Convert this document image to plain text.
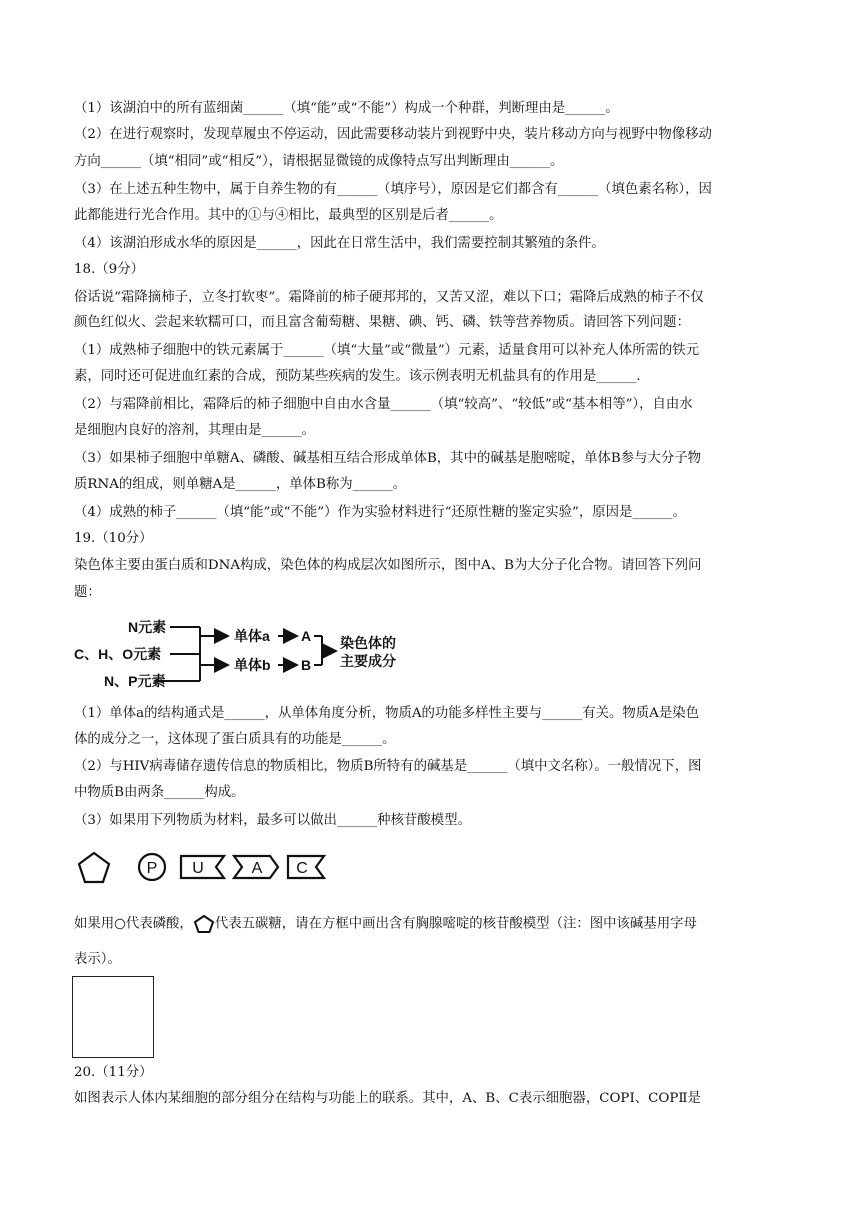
（1）该湖泊中的所有蓝细菌______（填“能”或“不能”）构成一个种群，判断理由是______。
（2）在进行观察时，发现草履虫不停运动，因此需要移动装片到视野中央，装片移动方向与视野中物像移动
方向______（填“相同”或“相反”），请根据显微镜的成像特点写出判断理由______。
（3）在上述五种生物中，属于自养生物的有______（填序号），原因是它们都含有______（填色素名称），因
此都能进行光合作用。其中的①与④相比，最典型的区别是后者______。
（4）该湖泊形成水华的原因是______，因此在日常生活中，我们需要控制其繁殖的条件。
18.（9分）
俗话说“霜降摘柿子，立冬打软枣”。霜降前的柿子硬邦邦的，又苦又涩，难以下口；霜降后成熟的柿子不仅
颜色红似火、尝起来软糯可口，而且富含葡萄糖、果糖、碘、钙、磷、铁等营养物质。请回答下列问题：
（1）成熟柿子细胞中的铁元素属于______（填“大量”或“微量”）元素，适量食用可以补充人体所需的铁元
素，同时还可促进血红素的合成，预防某些疾病的发生。该示例表明无机盐具有的作用是______.
（2）与霜降前相比，霜降后的柿子细胞中自由水含量______（填“较高”、“较低”或“基本相等”），自由水
是细胞内良好的溶剂，其理由是______。
（3）如果柿子细胞中单糖A、磷酸、碱基相互结合形成单体B，其中的碱基是胞嘧啶，单体B参与大分子物
质RNA的组成，则单糖A是______，单体B称为______。
（4）成熟的柿子______（填“能”或“不能”）作为实验材料进行“还原性糖的鉴定实验”，原因是______。
19.（10分）
染色体主要由蛋白质和DNA构成，染色体的构成层次如图所示，图中A、B为大分子化合物。请回答下列问
题：
N元素
C、H、O元素
N、P元素
单体a
单体b
A
B
染色体的
主要成分
（1）单体a的结构通式是______，从单体角度分析，物质A的功能多样性主要与______有关。物质A是染色
体的成分之一，这体现了蛋白质具有的功能是______。
（2）与HIV病毒储存遗传信息的物质相比，物质B所特有的碱基是______（填中文名称）。一般情况下，图
中物质B由两条______构成。
（3）如果用下列物质为材料，最多可以做出______种核苷酸模型。
P U	A C
如果用○代表磷酸， 代表五碳糖，请在方框中画出含有胸腺嘧啶的核苷酸模型（注：图中该碱基用字母
表示）。
20.（11分）
如图表示人体内某细胞的部分组分在结构与功能上的联系。其中，A、B、C表示细胞器，COPⅠ、COPⅡ是
